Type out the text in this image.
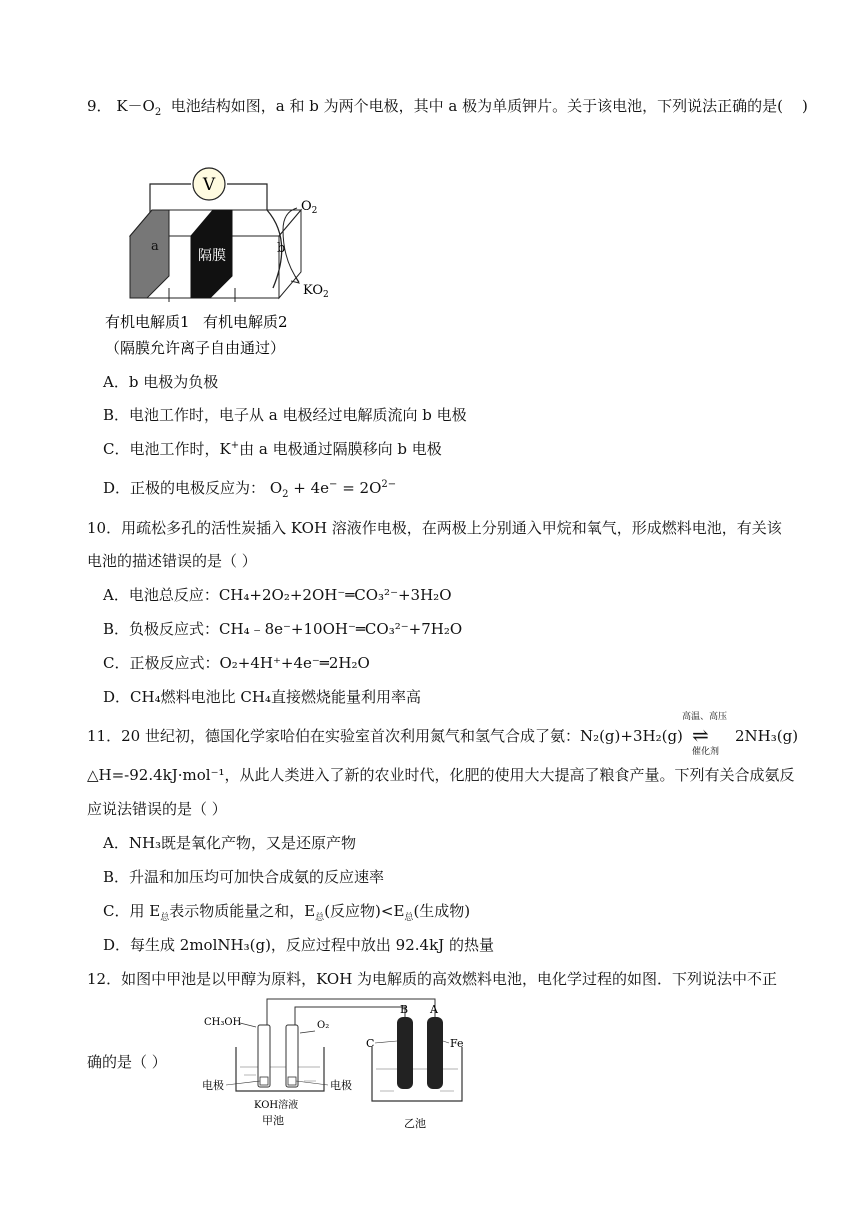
9． $K-O_2$ 电池结构如图，a 和 b 为两个电极，其中 a 极为单质钾片。关于该电池，下列说法正确的是( )
V
a
隔膜	b
$O_2$
$KO_2$
有机电解质1 有机电解质2
（隔膜允许离子自由通过）
A．b 电极为负极
B．电池工作时，电子从 a 电极经过电解质流向 b 电极
C．电池工作时，K+由 a 电极通过隔膜移向 b 电极
D．正极的电极反应为： $O_2 + 4e^- = 2O^{2-}$
10．用疏松多孔的活性炭插入 KOH 溶液作电极，在两极上分别通入甲烷和氧气，形成燃料电池，有关该
电池的描述错误的是（ ）
A．电池总反应：CH₄+2O₂+2OH⁻═CO₃²⁻+3H₂O
B．负极反应式：CH₄﹣8e⁻+10OH⁻═CO₃²⁻+7H₂O
C．正极反应式：O₂+4H⁺+4e⁻═2H₂O
D．CH₄燃料电池比 CH₄直接燃烧能量利用率高
11．20 世纪初，德国化学家哈伯在实验室首次利用氮气和氢气合成了氨：N₂(g)+3H₂(g)
高温、高压
⇌
催化剂
2NH₃(g)
△H=-92.4kJ·mol⁻¹，从此人类进入了新的农业时代，化肥的使用大大提高了粮食产量。下列有关合成氨反
应说法错误的是（ ）
A．NH₃既是氧化产物，又是还原产物
B．升温和加压均可加快合成氨的反应速率
C．用 $E_总$表示物质能量之和，$E_总$(反应物)$<E_总$(生成物)
D．每生成 2molNH₃(g)，反应过程中放出 92.4kJ 的热量
12．如图中甲池是以甲醇为原料，KOH 为电解质的高效燃料电池，电化学过程的如图．下列说法中不正
确的是（ ）
CH₃OH	O₂
电极	电极
KOH溶液
甲池
B A
C	Fe
乙池
